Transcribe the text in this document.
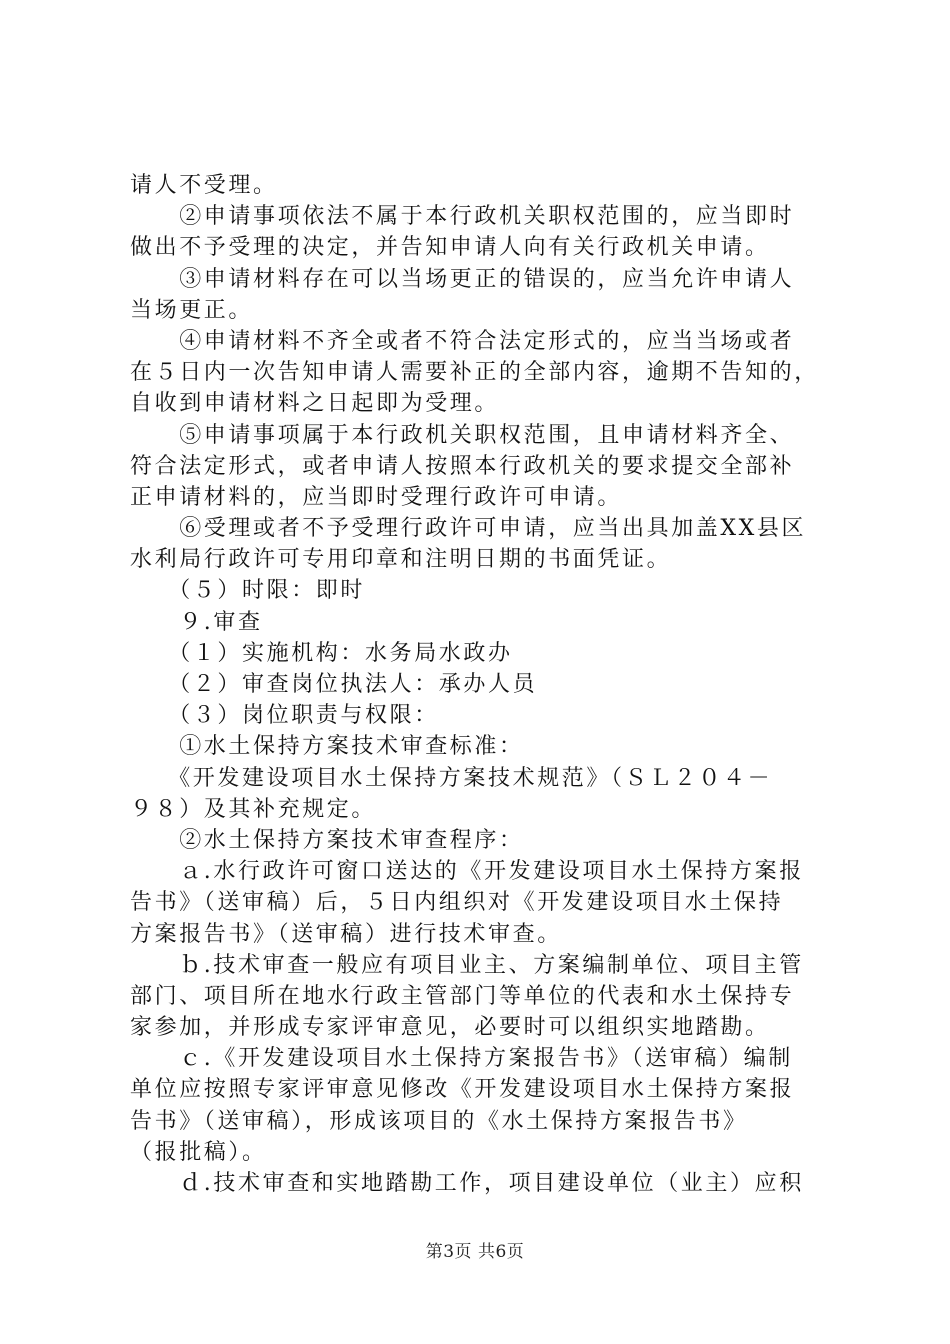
请人不受理。
　　②申请事项依法不属于本行政机关职权范围的，应当即时
做出不予受理的决定，并告知申请人向有关行政机关申请。
　　③申请材料存在可以当场更正的错误的，应当允许申请人
当场更正。
　　④申请材料不齐全或者不符合法定形式的，应当当场或者
在５日内一次告知申请人需要补正的全部内容，逾期不告知的，
自收到申请材料之日起即为受理。
　　⑤申请事项属于本行政机关职权范围，且申请材料齐全、
符合法定形式，或者申请人按照本行政机关的要求提交全部补
正申请材料的，应当即时受理行政许可申请。
　　⑥受理或者不予受理行政许可申请，应当出具加盖XX县区
水利局行政许可专用印章和注明日期的书面凭证。
　　（５）时限：即时
　　９.审查
　　（１）实施机构：水务局水政办
　　（２）审查岗位执法人：承办人员
　　（３）岗位职责与权限：
　　①水土保持方案技术审查标准：
　　《开发建设项目水土保持方案技术规范》（ＳＬ２０４－
９８）及其补充规定。
　　②水土保持方案技术审查程序：
　　ａ.水行政许可窗口送达的《开发建设项目水土保持方案报
告书》（送审稿）后，５日内组织对《开发建设项目水土保持
方案报告书》（送审稿）进行技术审查。
　　ｂ.技术审查一般应有项目业主、方案编制单位、项目主管
部门、项目所在地水行政主管部门等单位的代表和水土保持专
家参加，并形成专家评审意见，必要时可以组织实地踏勘。
　　ｃ.《开发建设项目水土保持方案报告书》（送审稿）编制
单位应按照专家评审意见修改《开发建设项目水土保持方案报
告书》（送审稿），形成该项目的《水土保持方案报告书》
（报批稿）。
　　ｄ.技术审查和实地踏勘工作，项目建设单位（业主）应积
第3页 共6页
